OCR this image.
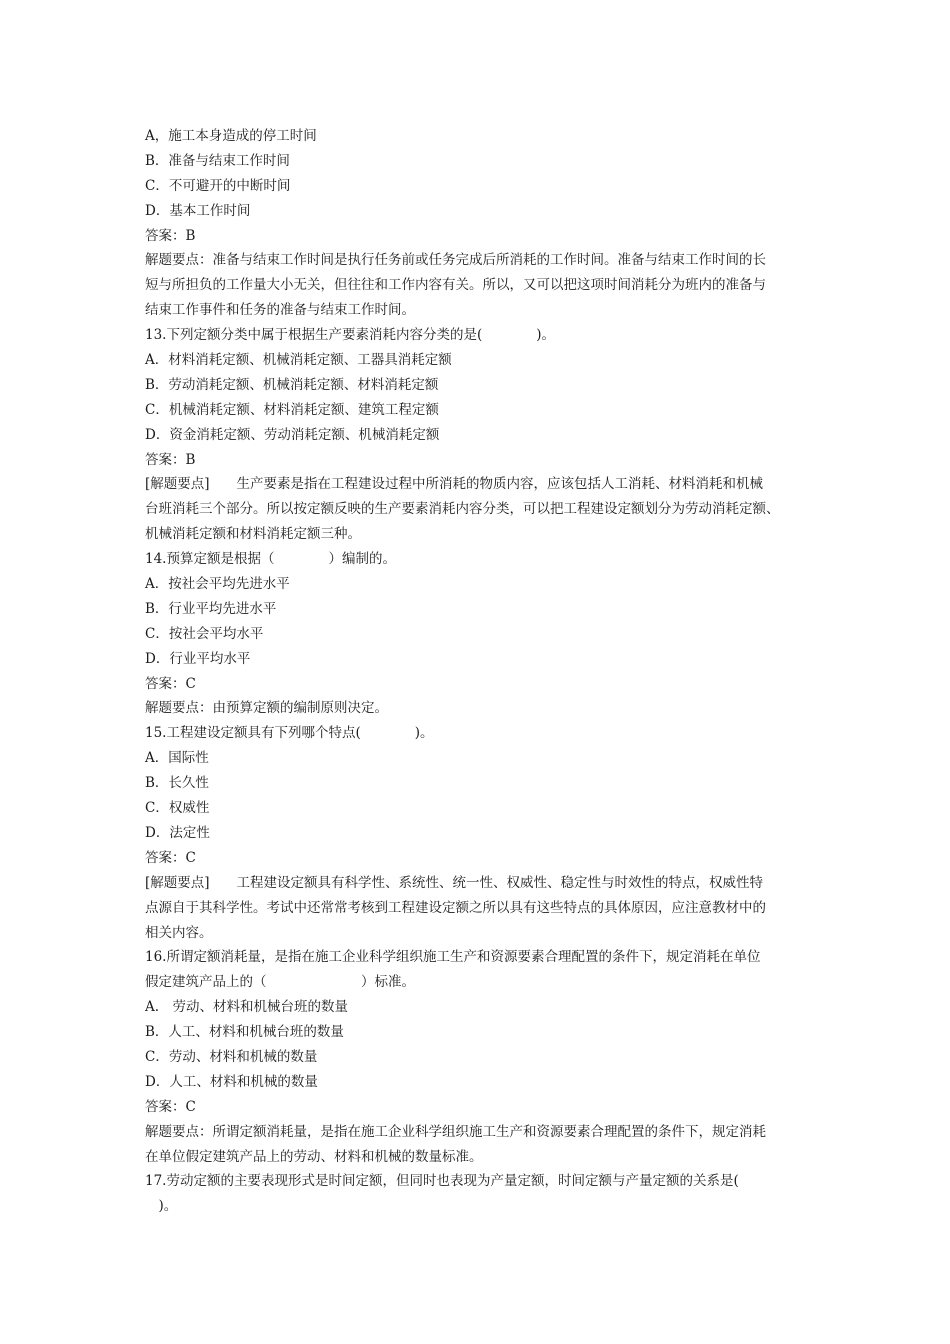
A，施工本身造成的停工时间
B．准备与结束工作时间
C．不可避开的中断时间
D．基本工作时间
答案：B
解题要点：准备与结束工作时间是执行任务前或任务完成后所消耗的工作时间。准备与结束工作时间的长
短与所担负的工作量大小无关，但往往和工作内容有关。所以，又可以把这项时间消耗分为班内的准备与
结束工作事件和任务的准备与结束工作时间。
13.下列定额分类中属于根据生产要素消耗内容分类的是(　　　　)。
A．材料消耗定额、机械消耗定额、工器具消耗定额
B．劳动消耗定额、机械消耗定额、材料消耗定额
C．机械消耗定额、材料消耗定额、建筑工程定额
D．资金消耗定额、劳动消耗定额、机械消耗定额
答案：B
[解题要点]　　生产要素是指在工程建设过程中所消耗的物质内容，应该包括人工消耗、材料消耗和机械
台班消耗三个部分。所以按定额反映的生产要素消耗内容分类，可以把工程建设定额划分为劳动消耗定额、
机械消耗定额和材料消耗定额三种。
14.预算定额是根据（　　　　）编制的。
A．按社会平均先进水平
B．行业平均先进水平
C．按社会平均水平
D．行业平均水平
答案：C
解题要点：由预算定额的编制原则决定。
15.工程建设定额具有下列哪个特点(　　　　)。
A．国际性
B．长久性
C．权威性
D．法定性
答案：C
[解题要点]　　工程建设定额具有科学性、系统性、统一性、权威性、稳定性与时效性的特点，权威性特
点源自于其科学性。考试中还常常考核到工程建设定额之所以具有这些特点的具体原因，应注意教材中的
相关内容。
16.所谓定额消耗量，是指在施工企业科学组织施工生产和资源要素合理配置的条件下，规定消耗在单位
假定建筑产品上的（　　　　　　　）标准。
A.　劳动、材料和机械台班的数量
B．人工、材料和机械台班的数量
C．劳动、材料和机械的数量
D．人工、材料和机械的数量
答案：C
解题要点：所谓定额消耗量，是指在施工企业科学组织施工生产和资源要素合理配置的条件下，规定消耗
在单位假定建筑产品上的劳动、材料和机械的数量标准。
17.劳动定额的主要表现形式是时间定额，但同时也表现为产量定额，时间定额与产量定额的关系是(
　)。
